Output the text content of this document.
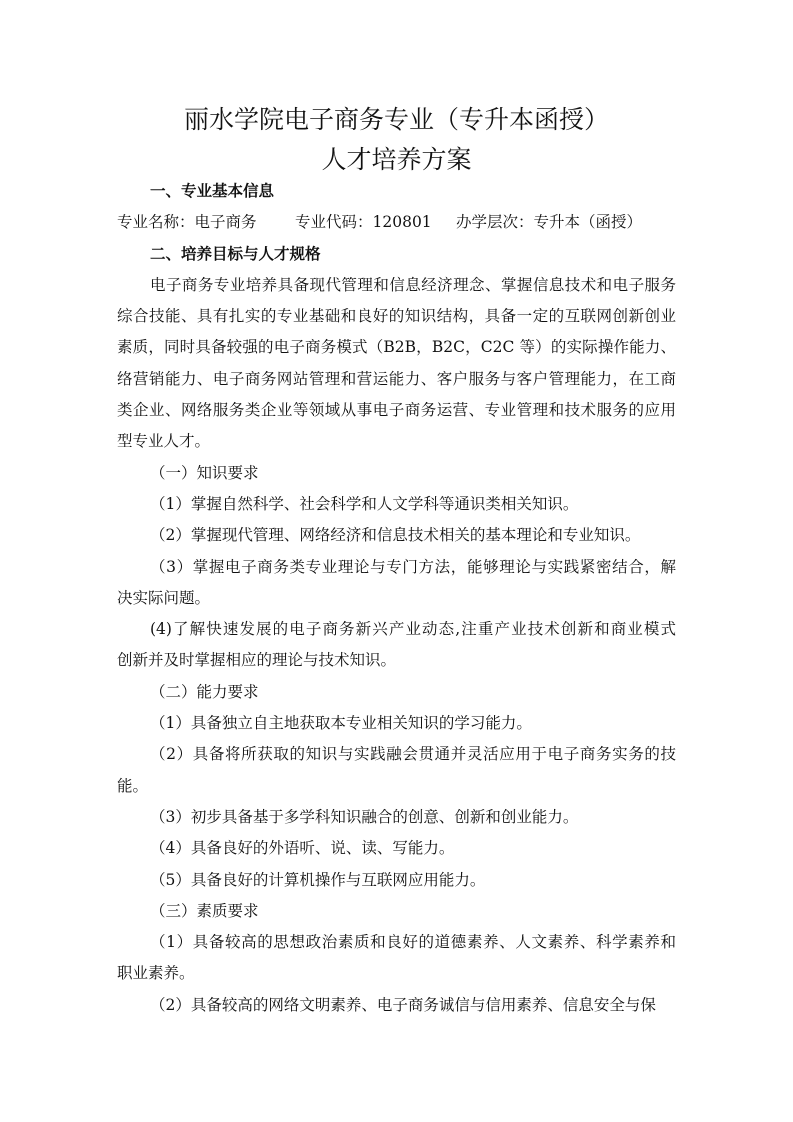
丽水学院电子商务专业（专升本函授）
人才培养方案
一、专业基本信息
专业名称：电子商务 专业代码：120801 办学层次：专升本（函授）
二、培养目标与人才规格
电子商务专业培养具备现代管理和信息经济理念、掌握信息技术和电子服务
综合技能、具有扎实的专业基础和良好的知识结构，具备一定的互联网创新创业
素质，同时具备较强的电子商务模式（B2B，B2C，C2C 等）的实际操作能力、
络营销能力、电子商务网站管理和营运能力、客户服务与客户管理能力，在工商
类企业、网络服务类企业等领域从事电子商务运营、专业管理和技术服务的应用
型专业人才。
（一）知识要求
（1）掌握自然科学、社会科学和人文学科等通识类相关知识。
（2）掌握现代管理、网络经济和信息技术相关的基本理论和专业知识。
（3）掌握电子商务类专业理论与专门方法，能够理论与实践紧密结合，解
决实际问题。
(4)了解快速发展的电子商务新兴产业动态,注重产业技术创新和商业模式
创新并及时掌握相应的理论与技术知识。
（二）能力要求
（1）具备独立自主地获取本专业相关知识的学习能力。
（2）具备将所获取的知识与实践融会贯通并灵活应用于电子商务实务的技
能。
（3）初步具备基于多学科知识融合的创意、创新和创业能力。
（4）具备良好的外语听、说、读、写能力。
（5）具备良好的计算机操作与互联网应用能力。
（三）素质要求
（1）具备较高的思想政治素质和良好的道德素养、人文素养、科学素养和
职业素养。
（2）具备较高的网络文明素养、电子商务诚信与信用素养、信息安全与保
